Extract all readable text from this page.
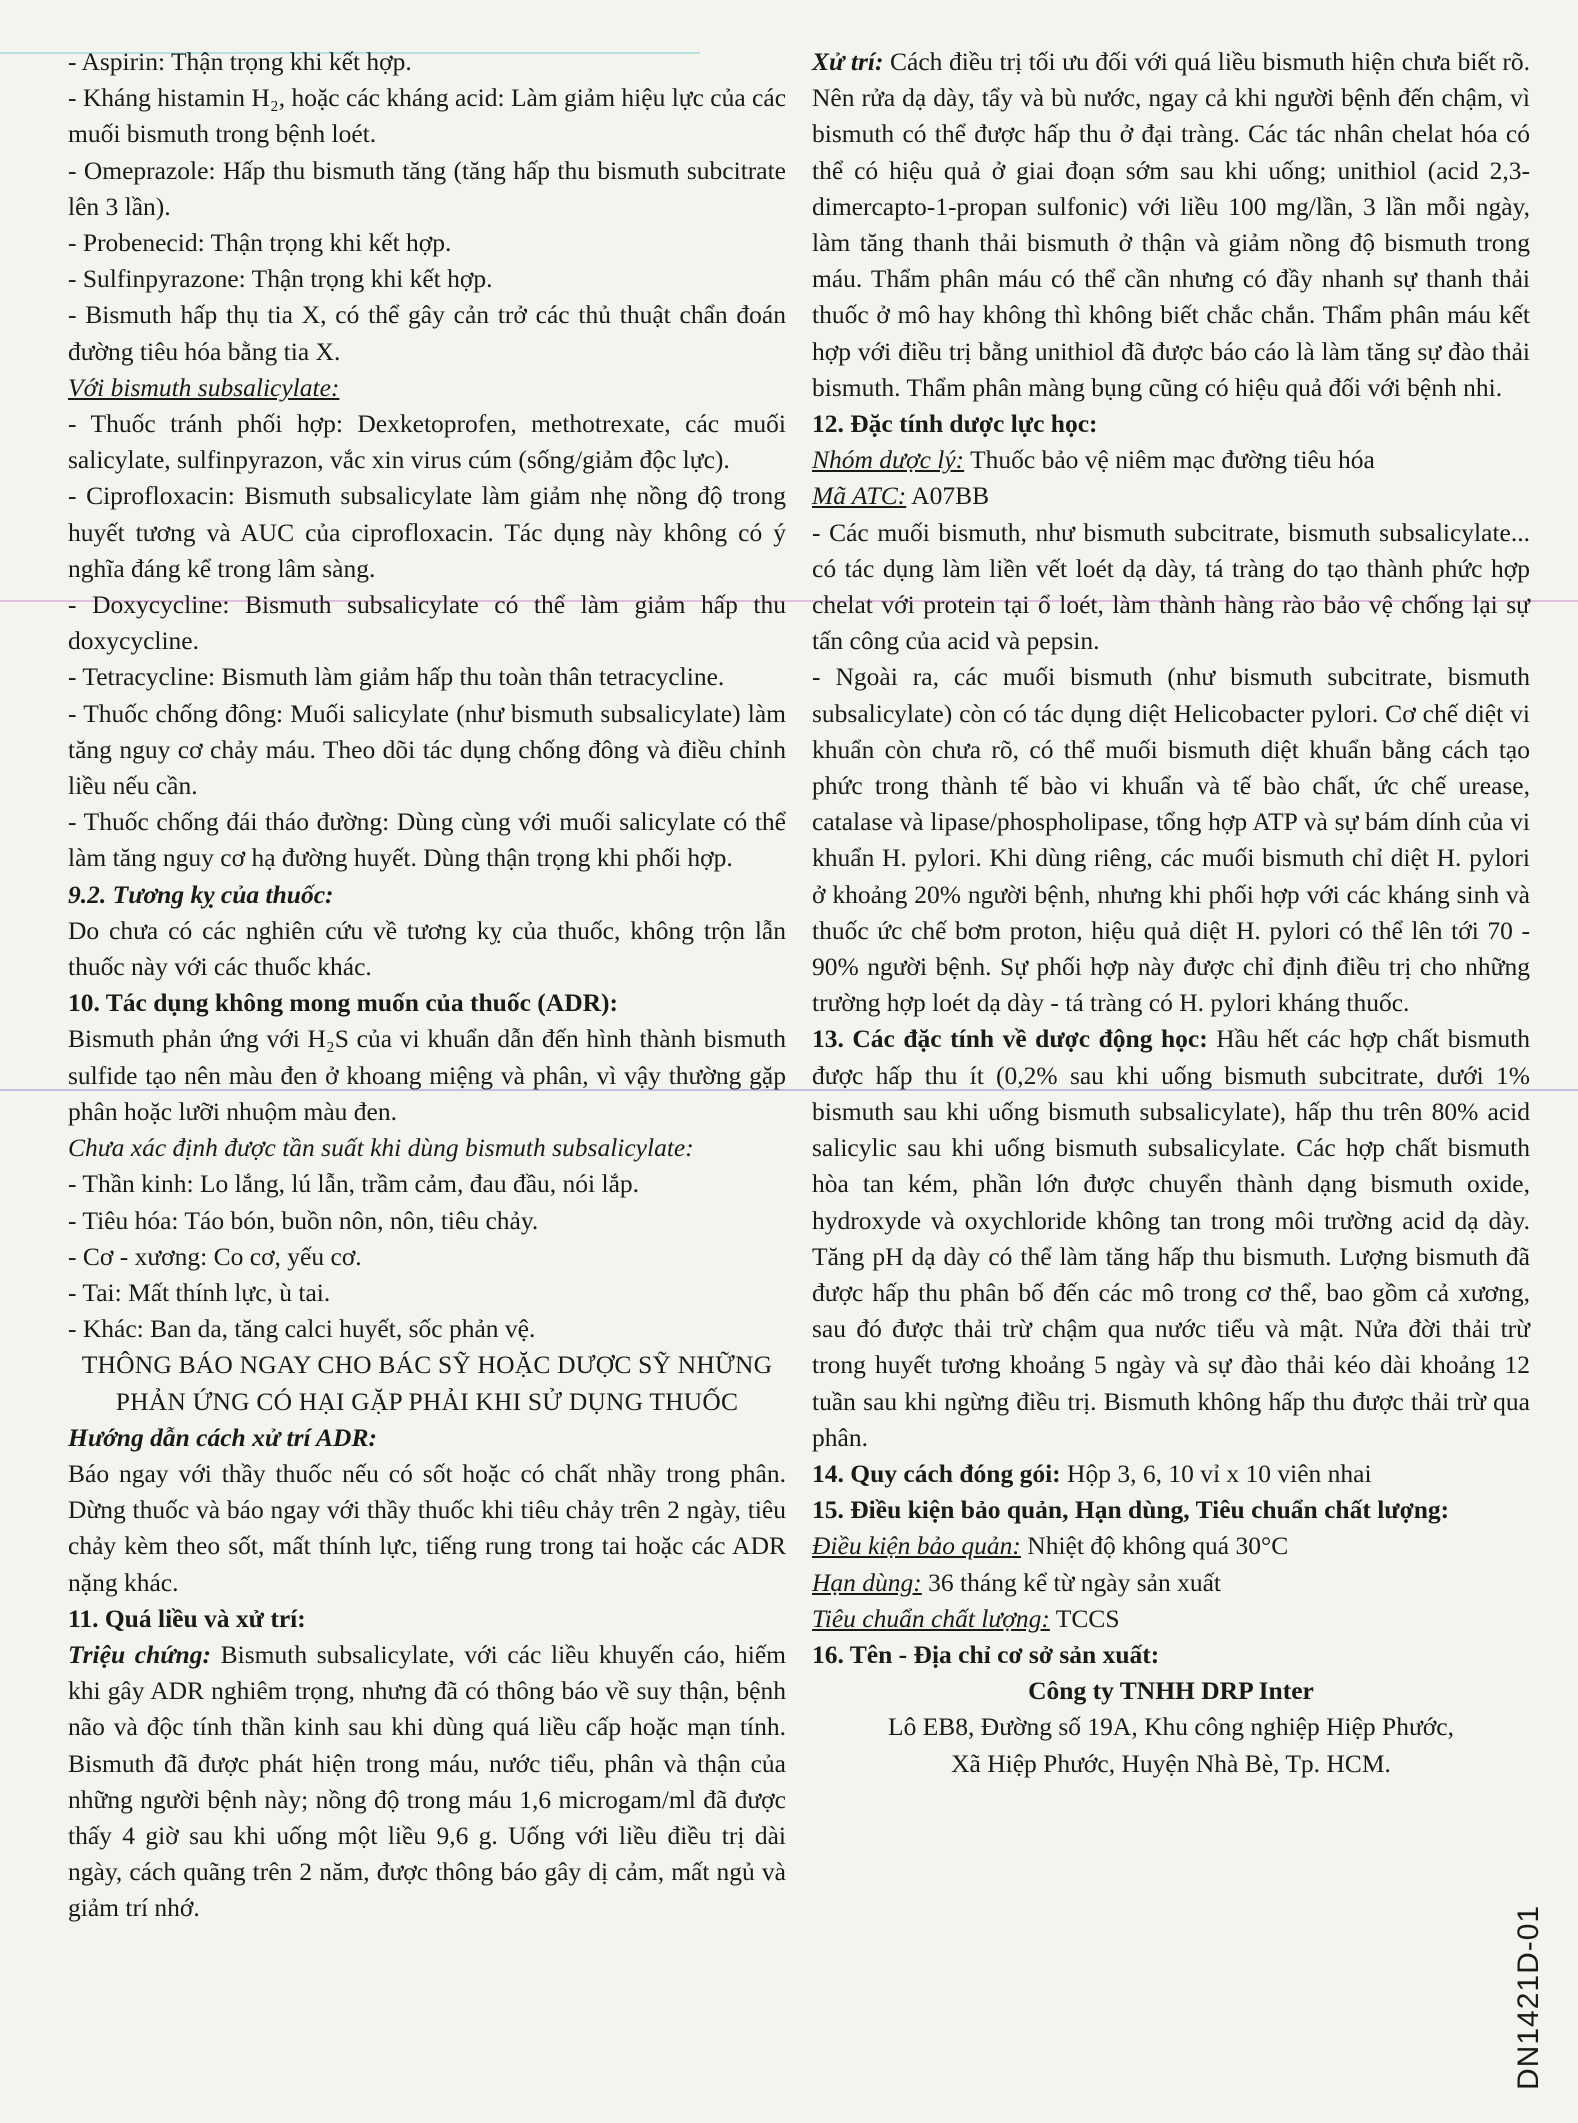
- Aspirin: Thận trọng khi kết hợp.

- Kháng histamin H₂, hoặc các kháng acid: Làm giảm hiệu lực của các muối bismuth trong bệnh loét.

- Omeprazole: Hấp thu bismuth tăng (tăng hấp thu bismuth subcitrate lên 3 lần).

- Probenecid: Thận trọng khi kết hợp.

- Sulfinpyrazone: Thận trọng khi kết hợp.

- Bismuth hấp thụ tia X, có thể gây cản trở các thủ thuật chẩn đoán đường tiêu hóa bằng tia X.

Với bismuth subsalicylate:

- Thuốc tránh phối hợp: Dexketoprofen, methotrexate, các muối salicylate, sulfinpyrazon, vắc xin virus cúm (sống/giảm độc lực).

- Ciprofloxacin: Bismuth subsalicylate làm giảm nhẹ nồng độ trong huyết tương và AUC của ciprofloxacin. Tác dụng này không có ý nghĩa đáng kể trong lâm sàng.

- Doxycycline: Bismuth subsalicylate có thể làm giảm hấp thu doxycycline.

- Tetracycline: Bismuth làm giảm hấp thu toàn thân tetracycline.

- Thuốc chống đông: Muối salicylate (như bismuth subsalicylate) làm tăng nguy cơ chảy máu. Theo dõi tác dụng chống đông và điều chỉnh liều nếu cần.

- Thuốc chống đái tháo đường: Dùng cùng với muối salicylate có thể làm tăng nguy cơ hạ đường huyết. Dùng thận trọng khi phối hợp.

9.2. Tương kỵ của thuốc:

Do chưa có các nghiên cứu về tương kỵ của thuốc, không trộn lẫn thuốc này với các thuốc khác.

10. Tác dụng không mong muốn của thuốc (ADR):

Bismuth phản ứng với H₂S của vi khuẩn dẫn đến hình thành bismuth sulfide tạo nên màu đen ở khoang miệng và phân, vì vậy thường gặp phân hoặc lưỡi nhuộm màu đen.

Chưa xác định được tần suất khi dùng bismuth subsalicylate:

- Thần kinh: Lo lắng, lú lẫn, trầm cảm, đau đầu, nói lắp.

- Tiêu hóa: Táo bón, buồn nôn, nôn, tiêu chảy.

- Cơ - xương: Co cơ, yếu cơ.

- Tai: Mất thính lực, ù tai.

- Khác: Ban da, tăng calci huyết, sốc phản vệ.

THÔNG BÁO NGAY CHO BÁC SỸ HOẶC DƯỢC SỸ NHỮNG PHẢN ỨNG CÓ HẠI GẶP PHẢI KHI SỬ DỤNG THUỐC

Hướng dẫn cách xử trí ADR:

Báo ngay với thầy thuốc nếu có sốt hoặc có chất nhầy trong phân. Dừng thuốc và báo ngay với thầy thuốc khi tiêu chảy trên 2 ngày, tiêu chảy kèm theo sốt, mất thính lực, tiếng rung trong tai hoặc các ADR nặng khác.

11. Quá liều và xử trí:

Triệu chứng: Bismuth subsalicylate, với các liều khuyến cáo, hiếm khi gây ADR nghiêm trọng, nhưng đã có thông báo về suy thận, bệnh não và độc tính thần kinh sau khi dùng quá liều cấp hoặc mạn tính. Bismuth đã được phát hiện trong máu, nước tiểu, phân và thận của những người bệnh này; nồng độ trong máu 1,6 microgam/ml đã được thấy 4 giờ sau khi uống một liều 9,6 g. Uống với liều điều trị dài ngày, cách quãng trên 2 năm, được thông báo gây dị cảm, mất ngủ và giảm trí nhớ.

Xử trí: Cách điều trị tối ưu đối với quá liều bismuth hiện chưa biết rõ. Nên rửa dạ dày, tẩy và bù nước, ngay cả khi người bệnh đến chậm, vì bismuth có thể được hấp thu ở đại tràng. Các tác nhân chelat hóa có thể có hiệu quả ở giai đoạn sớm sau khi uống; unithiol (acid 2,3-dimercapto-1-propan sulfonic) với liều 100 mg/lần, 3 lần mỗi ngày, làm tăng thanh thải bismuth ở thận và giảm nồng độ bismuth trong máu. Thẩm phân máu có thể cần nhưng có đầy nhanh sự thanh thải thuốc ở mô hay không thì không biết chắc chắn. Thẩm phân máu kết hợp với điều trị bằng unithiol đã được báo cáo là làm tăng sự đào thải bismuth. Thẩm phân màng bụng cũng có hiệu quả đối với bệnh nhi.

12. Đặc tính dược lực học:

Nhóm dược lý: Thuốc bảo vệ niêm mạc đường tiêu hóa

Mã ATC: A07BB

- Các muối bismuth, như bismuth subcitrate, bismuth subsalicylate... có tác dụng làm liền vết loét dạ dày, tá tràng do tạo thành phức hợp chelat với protein tại ổ loét, làm thành hàng rào bảo vệ chống lại sự tấn công của acid và pepsin.

- Ngoài ra, các muối bismuth (như bismuth subcitrate, bismuth subsalicylate) còn có tác dụng diệt Helicobacter pylori. Cơ chế diệt vi khuẩn còn chưa rõ, có thể muối bismuth diệt khuẩn bằng cách tạo phức trong thành tế bào vi khuẩn và tế bào chất, ức chế urease, catalase và lipase/phospholipase, tổng hợp ATP và sự bám dính của vi khuẩn H. pylori. Khi dùng riêng, các muối bismuth chỉ diệt H. pylori ở khoảng 20% người bệnh, nhưng khi phối hợp với các kháng sinh và thuốc ức chế bơm proton, hiệu quả diệt H. pylori có thể lên tới 70 - 90% người bệnh. Sự phối hợp này được chỉ định điều trị cho những trường hợp loét dạ dày - tá tràng có H. pylori kháng thuốc.

13. Các đặc tính về dược động học: Hầu hết các hợp chất bismuth được hấp thu ít (0,2% sau khi uống bismuth subcitrate, dưới 1% bismuth sau khi uống bismuth subsalicylate), hấp thu trên 80% acid salicylic sau khi uống bismuth subsalicylate. Các hợp chất bismuth hòa tan kém, phần lớn được chuyển thành dạng bismuth oxide, hydroxyde và oxychloride không tan trong môi trường acid dạ dày. Tăng pH dạ dày có thể làm tăng hấp thu bismuth. Lượng bismuth đã được hấp thu phân bố đến các mô trong cơ thể, bao gồm cả xương, sau đó được thải trừ chậm qua nước tiểu và mật. Nửa đời thải trừ trong huyết tương khoảng 5 ngày và sự đào thải kéo dài khoảng 12 tuần sau khi ngừng điều trị. Bismuth không hấp thu được thải trừ qua phân.

14. Quy cách đóng gói: Hộp 3, 6, 10 vỉ x 10 viên nhai

15. Điều kiện bảo quản, Hạn dùng, Tiêu chuẩn chất lượng:

Điều kiện bảo quản: Nhiệt độ không quá 30°C

Hạn dùng: 36 tháng kể từ ngày sản xuất

Tiêu chuẩn chất lượng: TCCS

16. Tên - Địa chỉ cơ sở sản xuất:

Công ty TNHH DRP Inter

Lô EB8, Đường số 19A, Khu công nghiệp Hiệp Phước,

Xã Hiệp Phước, Huyện Nhà Bè, Tp. HCM.

DN1421D-01
